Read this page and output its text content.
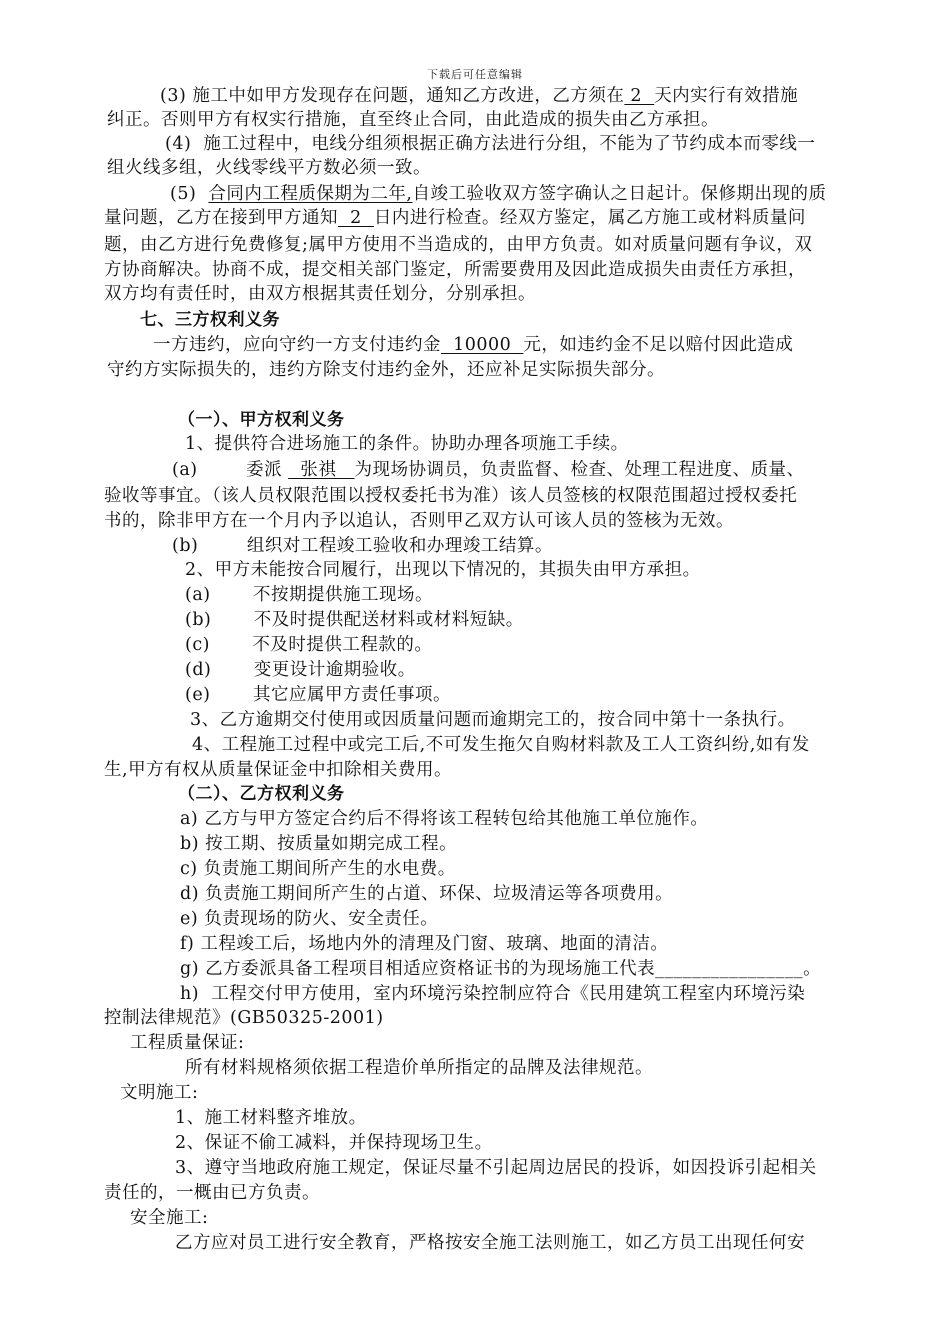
下载后可任意编辑
(3) 施工中如甲方发现存在问题，通知乙方改进，乙方须在 2  天内实行有效措施
纠正。否则甲方有权实行措施，直至终止合同，由此造成的损失由乙方承担。
(4)  施工过程中，电线分组须根据正确方法进行分组，不能为了节约成本而零线一
组火线多组，火线零线平方数必须一致。
(5)  合同内工程质保期为二年,自竣工验收双方签字确认之日起计。保修期出现的质
量问题，乙方在接到甲方通知  2  日内进行检查。经双方鉴定，属乙方施工或材料质量问
题，由乙方进行免费修复;属甲方使用不当造成的，由甲方负责。如对质量问题有争议，双
方协商解决。协商不成，提交相关部门鉴定，所需要费用及因此造成损失由责任方承担，
双方均有责任时，由双方根据其责任划分，分别承担。
七、三方权利义务
一方违约，应向守约一方支付违约金  10000  元，如违约金不足以赔付因此造成
守约方实际损失的，违约方除支付违约金外，还应补足实际损失部分。
（一）、甲方权利义务
1、提供符合进场施工的条件。协助办理各项施工手续。
(a)        委派   张祺   为现场协调员，负责监督、检查、处理工程进度、质量、
验收等事宜。（该人员权限范围以授权委托书为准）该人员签核的权限范围超过授权委托
书的，除非甲方在一个月内予以追认，否则甲乙双方认可该人员的签核为无效。
(b)        组织对工程竣工验收和办理竣工结算。
2、甲方未能按合同履行，出现以下情况的，其损失由甲方承担。
(a)       不按期提供施工现场。
(b)       不及时提供配送材料或材料短缺。
(c)       不及时提供工程款的。
(d)       变更设计逾期验收。
(e)       其它应属甲方责任事项。
3、乙方逾期交付使用或因质量问题而逾期完工的，按合同中第十一条执行。
4、工程施工过程中或完工后,不可发生拖欠自购材料款及工人工资纠纷,如有发
生,甲方有权从质量保证金中扣除相关费用。
（二）、乙方权利义务
a) 乙方与甲方签定合约后不得将该工程转包给其他施工单位施作。
b) 按工期、按质量如期完成工程。
c) 负责施工期间所产生的水电费。
d) 负责施工期间所产生的占道、环保、垃圾清运等各项费用。
e) 负责现场的防火、安全责任。
f) 工程竣工后，场地内外的清理及门窗、玻璃、地面的清洁。
g) 乙方委派具备工程项目相适应资格证书的为现场施工代表________________。
h)  工程交付甲方使用，室内环境污染控制应符合《民用建筑工程室内环境污染
控制法律规范》(GB50325-2001)
工程质量保证:
所有材料规格须依据工程造价单所指定的品牌及法律规范。
文明施工:
1、施工材料整齐堆放。
2、保证不偷工减料，并保持现场卫生。
3、遵守当地政府施工规定，保证尽量不引起周边居民的投诉，如因投诉引起相关
责任的，一概由已方负责。
安全施工:
乙方应对员工进行安全教育，严格按安全施工法则施工，如乙方员工出现任何安
